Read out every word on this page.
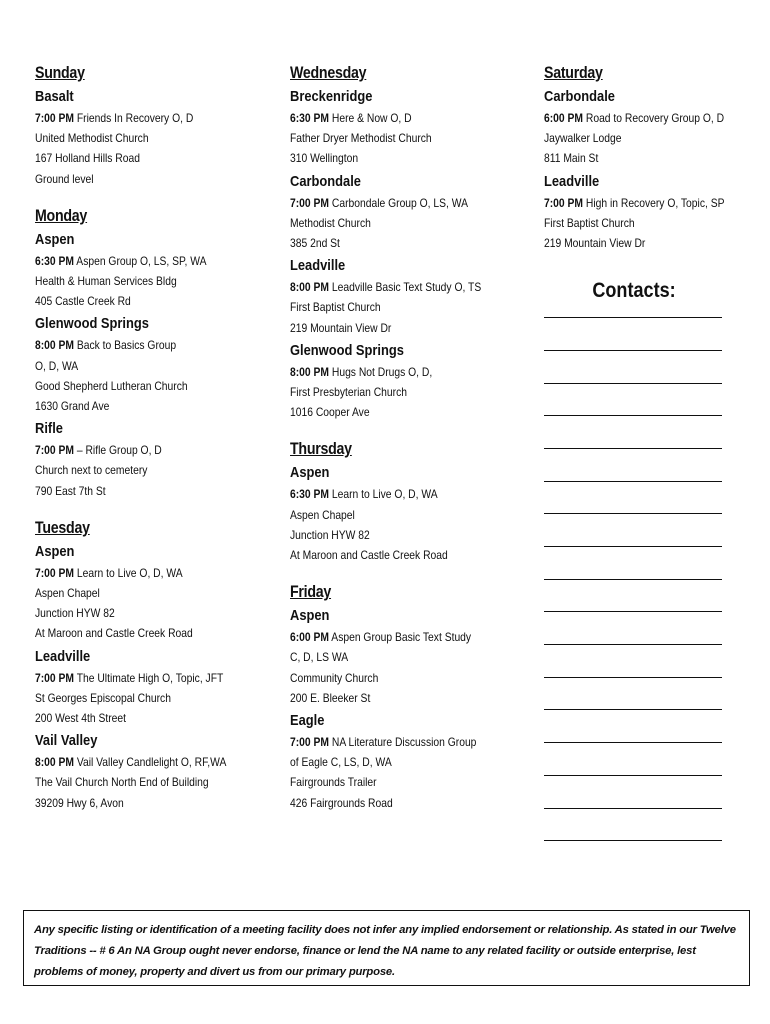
Sunday
Basalt
7:00 PM Friends In Recovery O, D
United Methodist Church
167 Holland Hills Road
Ground level
Monday
Aspen
6:30 PM Aspen Group O, LS, SP, WA
Health & Human Services Bldg
405 Castle Creek Rd
Glenwood Springs
8:00 PM Back to Basics Group
O, D, WA
Good Shepherd Lutheran Church
1630 Grand Ave
Rifle
7:00 PM – Rifle Group O, D
Church next to cemetery
790 East 7th St
Tuesday
Aspen
7:00 PM Learn to Live O, D, WA
Aspen Chapel
Junction HYW 82
At Maroon and Castle Creek Road
Leadville
7:00 PM The Ultimate High O, Topic, JFT
St Georges Episcopal Church
200 West 4th Street
Vail Valley
8:00 PM Vail Valley Candlelight O, RF,WA
The Vail Church North End of Building
39209 Hwy 6, Avon
Wednesday
Breckenridge
6:30 PM Here & Now O, D
Father Dryer Methodist Church
310 Wellington
Carbondale
7:00 PM Carbondale Group O, LS, WA
Methodist Church
385 2nd St
Leadville
8:00 PM Leadville Basic Text Study O, TS
First Baptist Church
219 Mountain View Dr
Glenwood Springs
8:00 PM Hugs Not Drugs O, D,
First Presbyterian Church
1016 Cooper Ave
Thursday
Aspen
6:30 PM Learn to Live O, D, WA
Aspen Chapel
Junction HYW 82
At Maroon and Castle Creek Road
Friday
Aspen
6:00 PM Aspen Group Basic Text Study
C, D, LS WA
Community Church
200 E. Bleeker St
Eagle
7:00 PM NA Literature Discussion Group
of Eagle C, LS, D, WA
Fairgrounds Trailer
426 Fairgrounds Road
Saturday
Carbondale
6:00 PM Road to Recovery Group O, D
Jaywalker Lodge
811 Main St
Leadville
7:00 PM High in Recovery O, Topic, SP
First Baptist Church
219 Mountain View Dr
Contacts:
Any specific listing or identification of a meeting facility does not infer any implied endorsement or relationship. As stated in our Twelve Traditions -- # 6 An NA Group ought never endorse, finance or lend the NA name to any related facility or outside enterprise, lest problems of money, property and divert us from our primary purpose.
